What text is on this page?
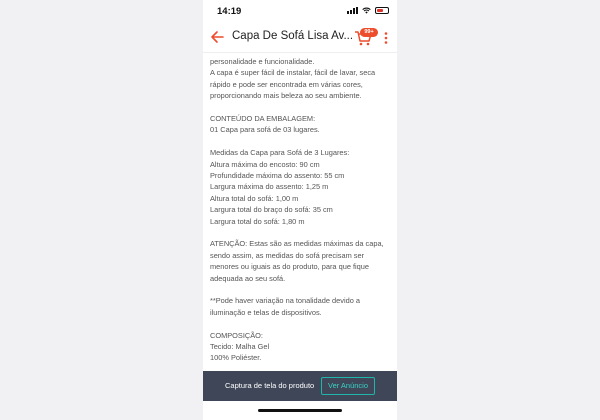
14:19
Capa De Sofá Lisa Av...	99+

personalidade e funcionalidade.

A capa é super fácil de instalar, fácil de lavar, seca

rápido e pode ser encontrada em várias cores,

proporcionando mais beleza ao seu ambiente.

CONTEÚDO DA EMBALAGEM:

01 Capa para sofá de 03 lugares.

Medidas da Capa para Sofá de 3 Lugares:

Altura máxima do encosto: 90 cm

Profundidade máxima do assento: 55 cm

Largura máxima do assento: 1,25 m

Altura total do sofá: 1,00 m

Largura total do braço do sofá: 35 cm

Largura total do sofá: 1,80 m

ATENÇÃO: Estas são as medidas máximas da capa,

sendo assim, as medidas do sofá precisam ser

menores ou iguais as do produto, para que fique

adequada ao seu sofá.

**Pode haver variação na tonalidade devido a

iluminação e telas de dispositivos.

COMPOSIÇÃO:

Tecido: Malha Gel

100% Poliéster.

Captura de tela do produto	Ver Anúncio
